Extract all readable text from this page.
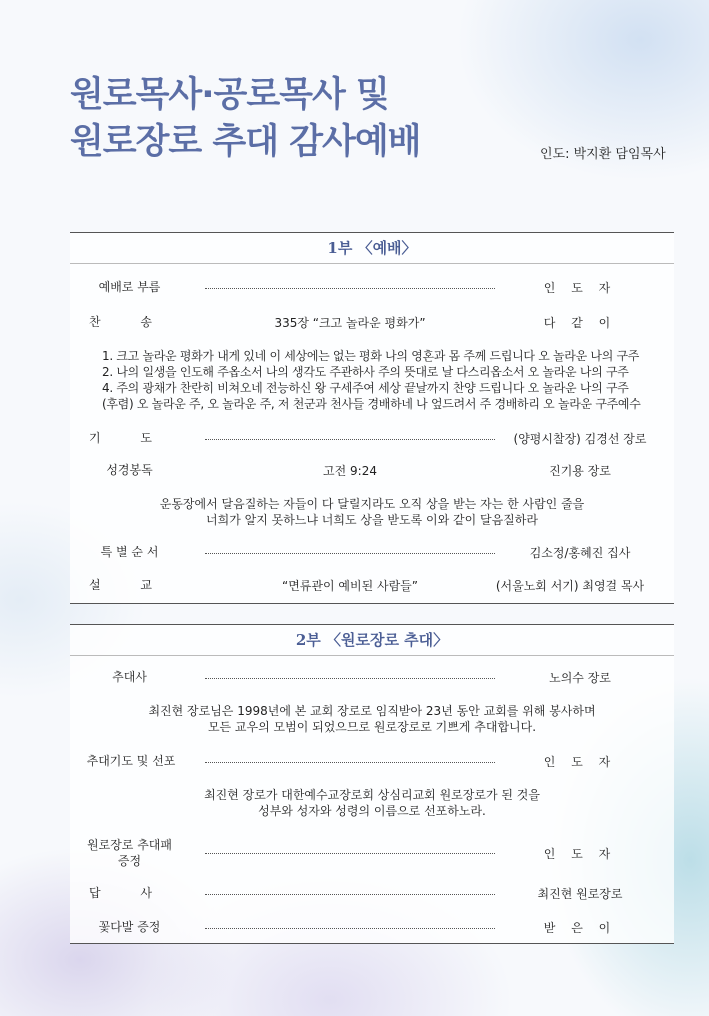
원로목사·공로목사 및
원로장로 추대 감사예배	인도: 박지환 담임목사
1부 〈예배〉
예배로 부름	인 도 자
찬 송	335장 “크고 놀라운 평화가”	다 같 이
1. 크고 놀라운 평화가 내게 있네 이 세상에는 없는 평화 나의 영혼과 몸 주께 드립니다 오 놀라운 나의 구주
2. 나의 일생을 인도해 주옵소서 나의 생각도 주관하사 주의 뜻대로 날 다스리옵소서 오 놀라운 나의 구주
4. 주의 광채가 찬란히 비쳐오네 전능하신 왕 구세주여 세상 끝날까지 찬양 드립니다 오 놀라운 나의 구주
(후렴) 오 놀라운 주, 오 놀라운 주, 저 천군과 천사들 경배하네 나 엎드려서 주 경배하리 오 놀라운 구주예수
기 도	(양평시찰장) 김경선 장로
성경봉독	고전 9:24	진기용 장로
운동장에서 달음질하는 자들이 다 달릴지라도 오직 상을 받는 자는 한 사람인 줄을
너희가 알지 못하느냐 너희도 상을 받도록 이와 같이 달음질하라
특 별 순 서	김소정/홍혜진 집사
설 교	“면류관이 예비된 사람들”	(서울노회 서기) 최영걸 목사
2부 〈원로장로 추대〉
추대사	노의수 장로
최진현 장로님은 1998년에 본 교회 장로로 임직받아 23년 동안 교회를 위해 봉사하며
모든 교우의 모범이 되었으므로 원로장로로 기쁘게 추대합니다.
추대기도 및 선포	인 도 자
최진현 장로가 대한예수교장로회 상심리교회 원로장로가 된 것을
성부와 성자와 성령의 이름으로 선포하노라.
원로장로 추대패
증정	인 도 자
답 사	최진현 원로장로
꽃다발 증정	받 은 이
